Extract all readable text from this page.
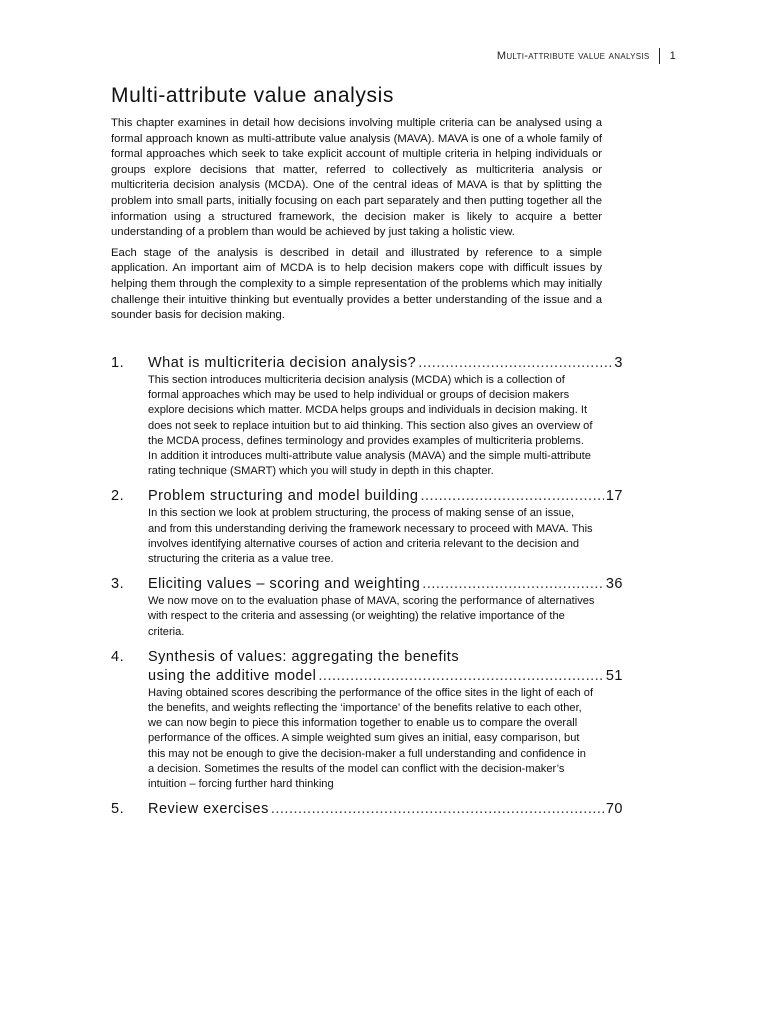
Multi-attribute value analysis 1
Multi-attribute value analysis

This chapter examines in detail how decisions involving multiple criteria can be analysed using a formal approach known as multi-attribute value analysis (MAVA). MAVA is one of a whole family of formal approaches which seek to take explicit account of multiple criteria in helping individuals or groups explore decisions that matter, referred to collectively as multicriteria analysis or multicriteria decision analysis (MCDA). One of the central ideas of MAVA is that by splitting the problem into small parts, initially focusing on each part separately and then putting together all the information using a structured framework, the decision maker is likely to acquire a better understanding of a problem than would be achieved by just taking a holistic view.

Each stage of the analysis is described in detail and illustrated by reference to a simple application. An important aim of MCDA is to help decision makers cope with difficult issues by helping them through the complexity to a simple representation of the problems which may initially challenge their intuitive thinking but eventually provides a better understanding of the issue and a sounder basis for decision making.

1. What is multicriteria decision analysis? .....	3

This section introduces multicriteria decision analysis (MCDA) which is a collection of formal approaches which may be used to help individual or groups of decision makers explore decisions which matter. MCDA helps groups and individuals in decision making. It does not seek to replace intuition but to aid thinking. This section also gives an overview of the MCDA process, defines terminology and provides examples of multicriteria problems. In addition it introduces multi-attribute value analysis (MAVA) and the simple multi-attribute rating technique (SMART) which you will study in depth in this chapter.

2. Problem structuring and model building .....	17

In this section we look at problem structuring, the process of making sense of an issue, and from this understanding deriving the framework necessary to proceed with MAVA. This involves identifying alternative courses of action and criteria relevant to the decision and structuring the criteria as a value tree.

3. Eliciting values – scoring and weighting .....	36

We now move on to the evaluation phase of MAVA, scoring the performance of alternatives with respect to the criteria and assessing (or weighting) the relative importance of the criteria.

4. Synthesis of values: aggregating the benefits
using the additive model .....	51

Having obtained scores describing the performance of the office sites in the light of each of the benefits, and weights reflecting the ‘importance’ of the benefits relative to each other, we can now begin to piece this information together to enable us to compare the overall performance of the offices. A simple weighted sum gives an initial, easy comparison, but this may not be enough to give the decision-maker a full understanding and confidence in a decision. Sometimes the results of the model can conflict with the decision-maker’s intuition – forcing further hard thinking

5. Review exercises .....	70
